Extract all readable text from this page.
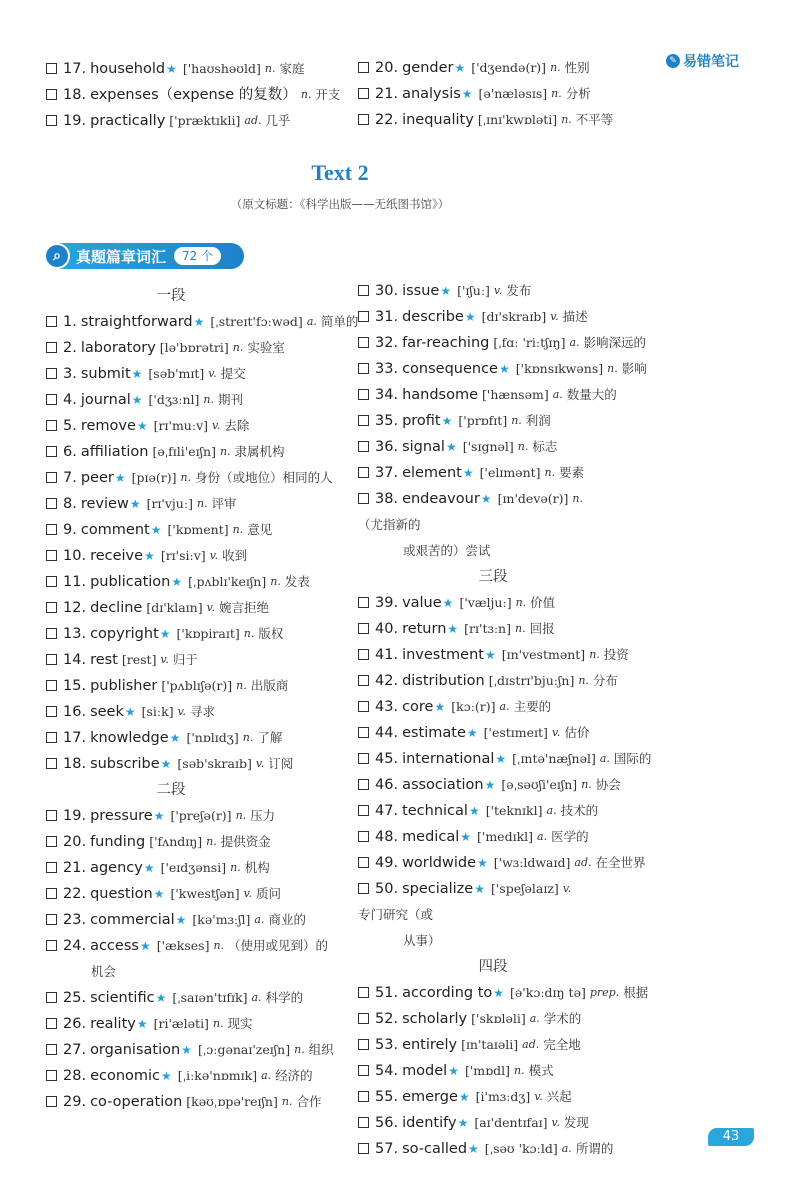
✎ 易错笔记
17. household ★ ['haʊshəʊld] n. 家庭
18. expenses（expense 的复数） n. 开支
19. practically ['præktɪkli] ad. 几乎
20. gender ★ ['dʒendə(r)] n. 性别
21. analysis ★ [ə'næləsɪs] n. 分析
22. inequality [ˌɪnɪ'kwɒləti] n. 不平等
Text 2
（原文标题：《科学出版——无纸图书馆》）
⌕	真题篇章词汇	72 个
一段
1. straightforward ★ [ˌstreɪt'fɔːwəd] a. 简单的
2. laboratory [lə'bɒrətri] n. 实验室
3. submit ★ [səb'mɪt] v. 提交
4. journal ★ ['dʒɜːnl] n. 期刊
5. remove ★ [rɪ'muːv] v. 去除
6. affiliation [əˌfɪli'eɪʃn] n. 隶属机构
7. peer ★ [pɪə(r)] n. 身份（或地位）相同的人
8. review ★ [rɪ'vjuː] n. 评审
9. comment ★ ['kɒment] n. 意见
10. receive ★ [rɪ'siːv] v. 收到
11. publication ★ [ˌpʌblɪ'keɪʃn] n. 发表
12. decline [dɪ'klaɪn] v. 婉言拒绝
13. copyright ★ ['kɒpiraɪt] n. 版权
14. rest [rest] v. 归于
15. publisher ['pʌblɪʃə(r)] n. 出版商
16. seek ★ [siːk] v. 寻求
17. knowledge ★ ['nɒlɪdʒ] n. 了解
18. subscribe ★ [səb'skraɪb] v. 订阅
二段
19. pressure ★ ['preʃə(r)] n. 压力
20. funding ['fʌndɪŋ] n. 提供资金
21. agency ★ ['eɪdʒənsi] n. 机构
22. question ★ ['kwestʃən] v. 质问
23. commercial ★ [kə'mɜːʃl] a. 商业的
24. access ★ ['ækses] n. （使用或见到）的
机会
25. scientific ★ [ˌsaɪən'tɪfɪk] a. 科学的
26. reality ★ [ri'æləti] n. 现实
27. organisation ★ [ˌɔːgənaɪ'zeɪʃn] n. 组织
28. economic ★ [ˌiːkə'nɒmɪk] a. 经济的
29. co-operation [kəʊˌɒpə'reɪʃn] n. 合作
30. issue ★ ['ɪʃuː] v. 发布
31. describe ★ [dɪ'skraɪb] v. 描述
32. far-reaching [ˌfɑː 'riːtʃɪŋ] a. 影响深远的
33. consequence ★ ['kɒnsɪkwəns] n. 影响
34. handsome ['hænsəm] a. 数量大的
35. profit ★ ['prɒfɪt] n. 利润
36. signal ★ ['sɪgnəl] n. 标志
37. element ★ ['elɪmənt] n. 要素
38. endeavour ★ [ɪn'devə(r)] n.
（尤指新的
或艰苦的）尝试
三段
39. value ★ ['væljuː] n. 价值
40. return ★ [rɪ'tɜːn] n. 回报
41. investment ★ [ɪn'vestmənt] n. 投资
42. distribution [ˌdɪstrɪ'bjuːʃn] n. 分布
43. core ★ [kɔː(r)] a. 主要的
44. estimate ★ ['estɪmeɪt] v. 估价
45. international ★ [ˌɪntə'næʃnəl] a. 国际的
46. association ★ [əˌsəʊʃi'eɪʃn] n. 协会
47. technical ★ ['teknɪkl] a. 技术的
48. medical ★ ['medɪkl] a. 医学的
49. worldwide ★ ['wɜːldwaɪd] ad. 在全世界
50. specialize ★ ['speʃəlaɪz] v.
专门研究（或
从事）
四段
51. according to ★ [ə'kɔːdɪŋ tə] prep. 根据
52. scholarly ['skɒləli] a. 学术的
53. entirely [ɪn'taɪəli] ad. 完全地
54. model ★ ['mɒdl] n. 模式
55. emerge ★ [i'mɜːdʒ] v. 兴起
56. identify ★ [aɪ'dentɪfaɪ] v. 发现
57. so-called ★ [ˌsəʊ 'kɔːld] a. 所谓的
43
